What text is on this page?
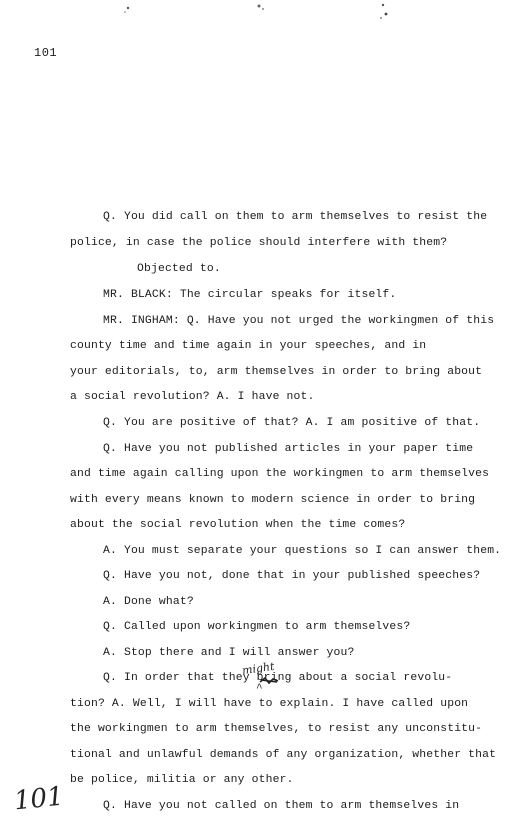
101
Q. You did call on them to arm themselves to resist the
police, in case the police should interfere with them?
Objected to.
MR. BLACK: The circular speaks for itself.
MR. INGHAM: Q. Have you not urged the workingmen of this
county time and time again in your speeches, and in
your editorials, to, arm themselves in order to bring about
a social revolution? A. I have not.
Q. You are positive of that? A. I am positive of that.
Q. Have you not published articles in your paper time
and time again calling upon the workingmen to arm themselves
with every means known to modern science in order to bring
about the social revolution when the time comes?
A. You must separate your questions so I can answer them.
Q. Have you not, done that in your published speeches?
A. Done what?
Q. Called upon workingmen to arm themselves?
A. Stop there and I will answer you?
Q. In order that they bring about a social revolu-
tion? A. Well, I will have to explain. I have called upon
the workingmen to arm themselves, to resist any unconstitu-
tional and unlawful demands of any organization, whether that
be police, militia or any other.
Q. Have you not called on them to arm themselves in
might
^
101
